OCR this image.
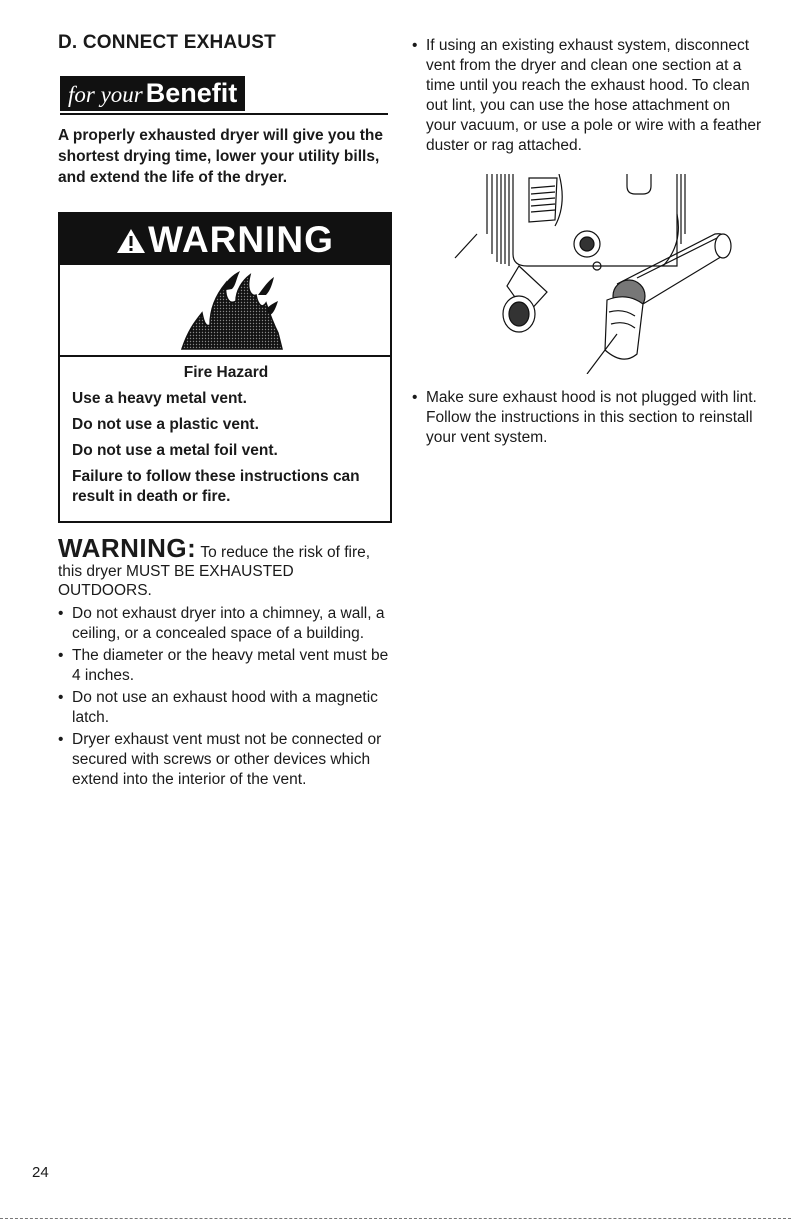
D. CONNECT EXHAUST
for your Benefit

A properly exhausted dryer will give you the shortest drying time, lower your utility bills, and extend the life of the dryer.

WARNING
Fire Hazard

Use a heavy metal vent.

Do not use a plastic vent.

Do not use a metal foil vent.

Failure to follow these instructions can result in death or fire.

WARNING: To reduce the risk of fire, this dryer MUST BE EXHAUSTED OUTDOORS.

• Do not exhaust dryer into a chimney, a wall, a ceiling, or a concealed space of a building.
• The diameter or the heavy metal vent must be 4 inches.
• Do not use an exhaust hood with a magnetic latch.
• Dryer exhaust vent must not be connected or secured with screws or other devices which extend into the interior of the vent.
• If using an existing exhaust system, disconnect vent from the dryer and clean one section at a time until you reach the exhaust hood. To clean out lint, you can use the hose attachment on your vacuum, or use a pole or wire with a feather duster or rag attached.
• Make sure exhaust hood is not plugged with lint. Follow the instructions in this section to reinstall your vent system.
24
